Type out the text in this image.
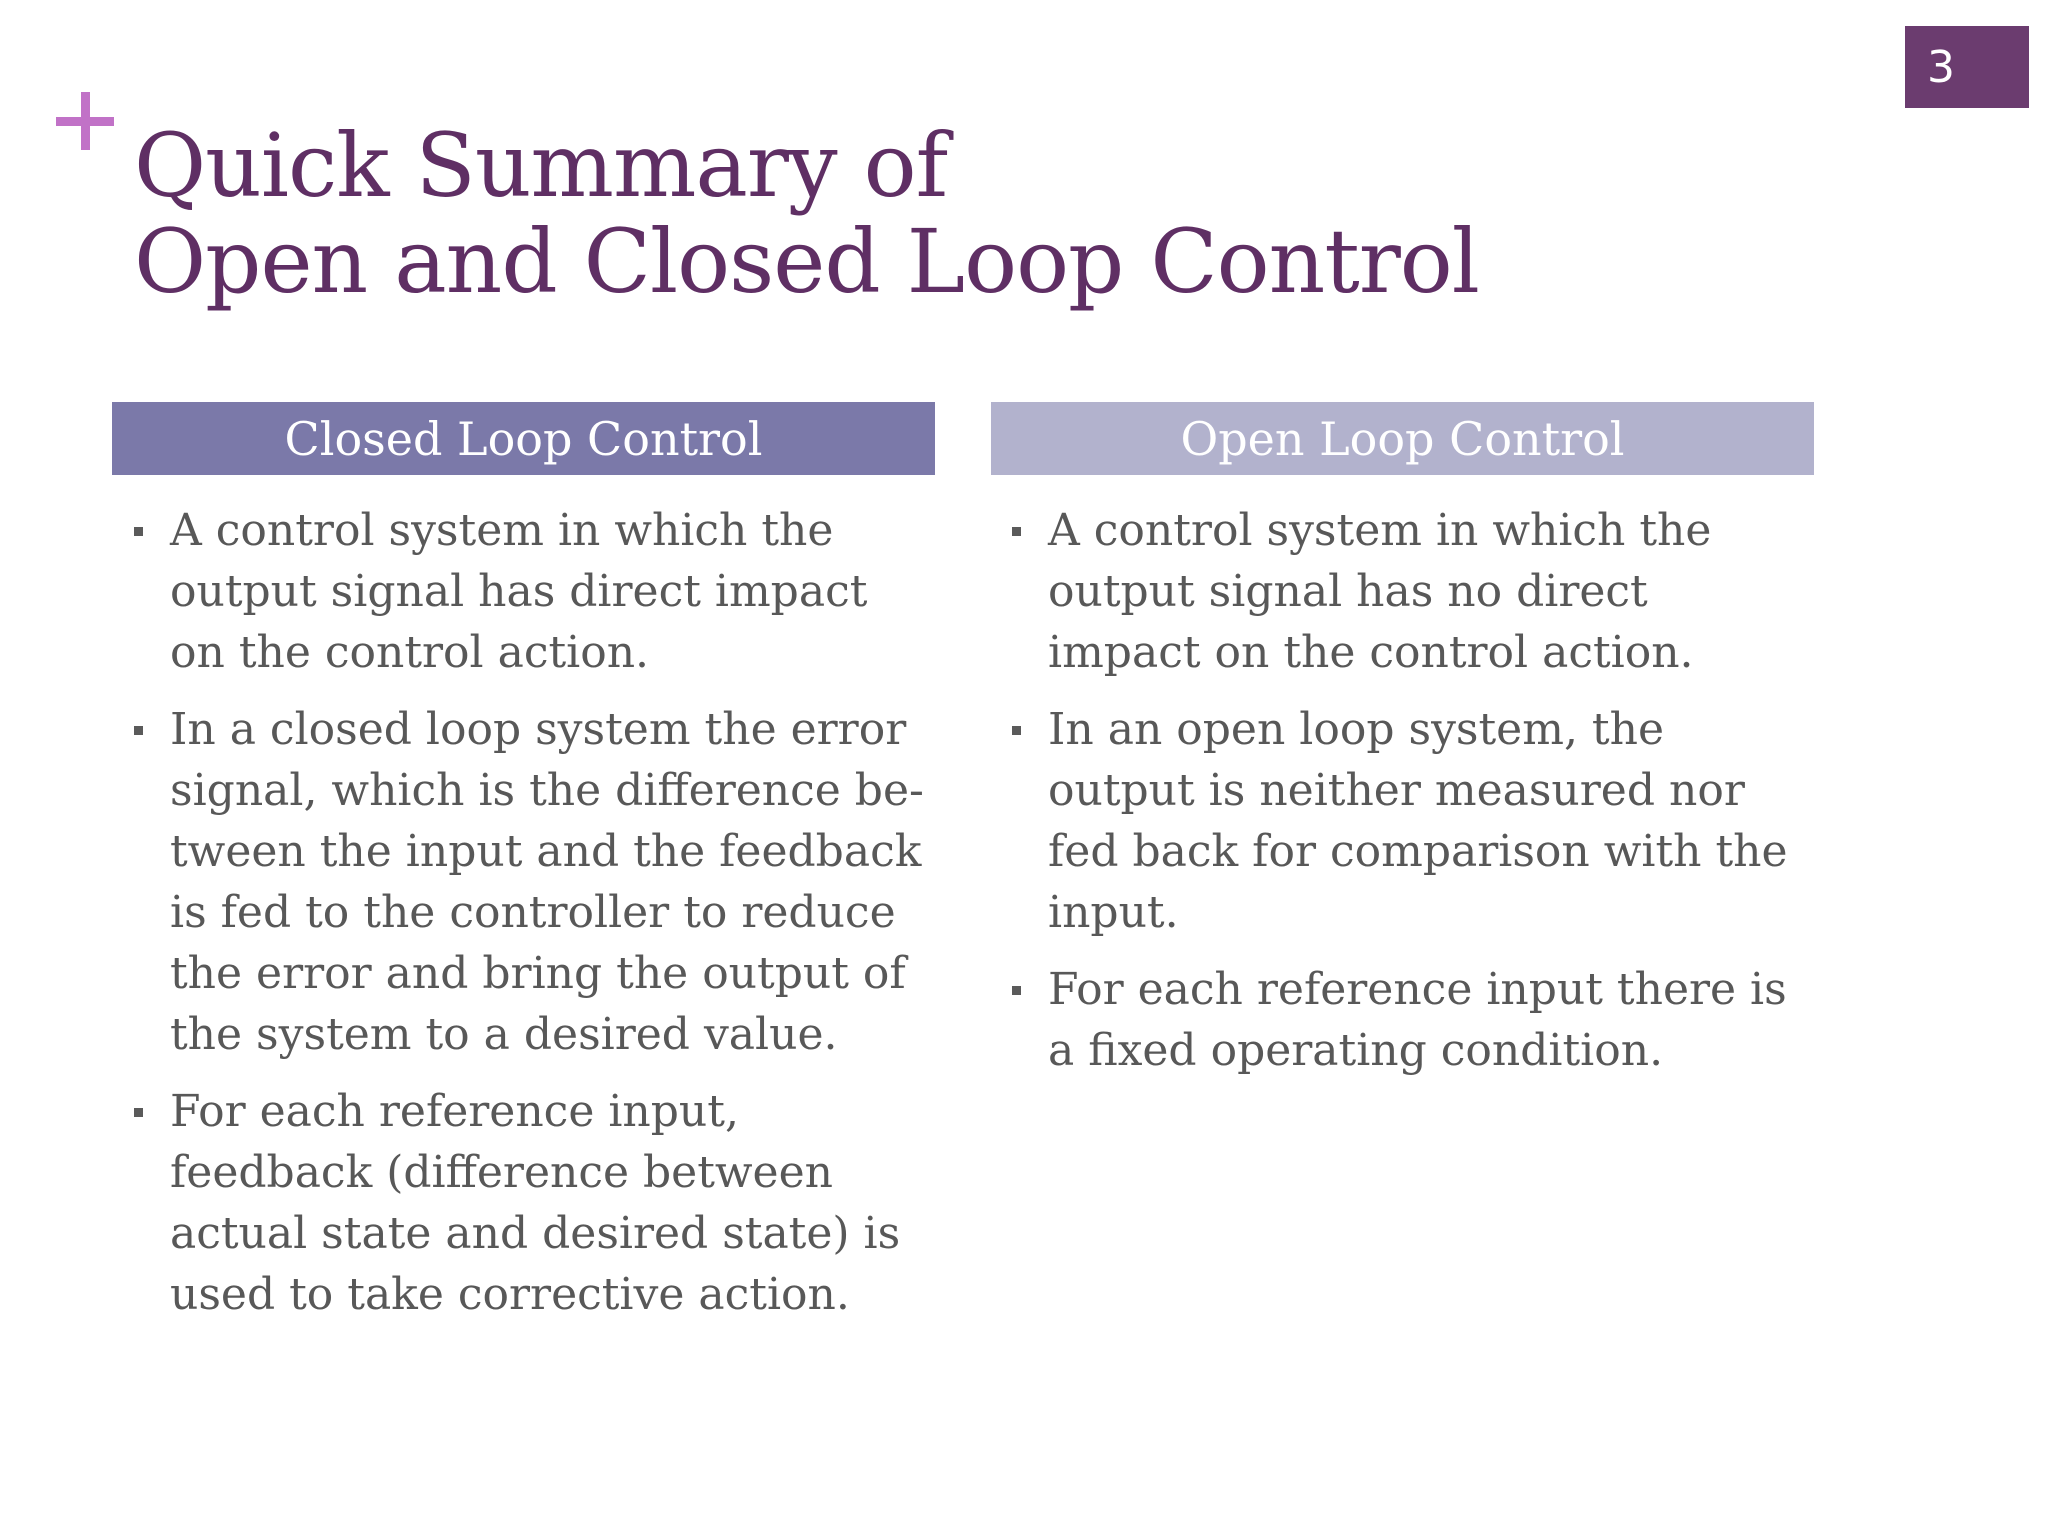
3
Quick Summary of
Open and Closed Loop Control
Closed Loop Control	Open Loop Control
A control system in which the output signal has direct impact on the control action.
In a closed loop system the error signal, which is the difference be-tween the input and the feedback is fed to the controller to reduce the error and bring the output of the system to a desired value.
For each reference input, feedback (difference between actual state and desired state) is used to take corrective action.
A control system in which the output signal has no direct impact on the control action.
In an open loop system, the output is neither measured nor fed back for comparison with the input.
For each reference input there is a fixed operating condition.
